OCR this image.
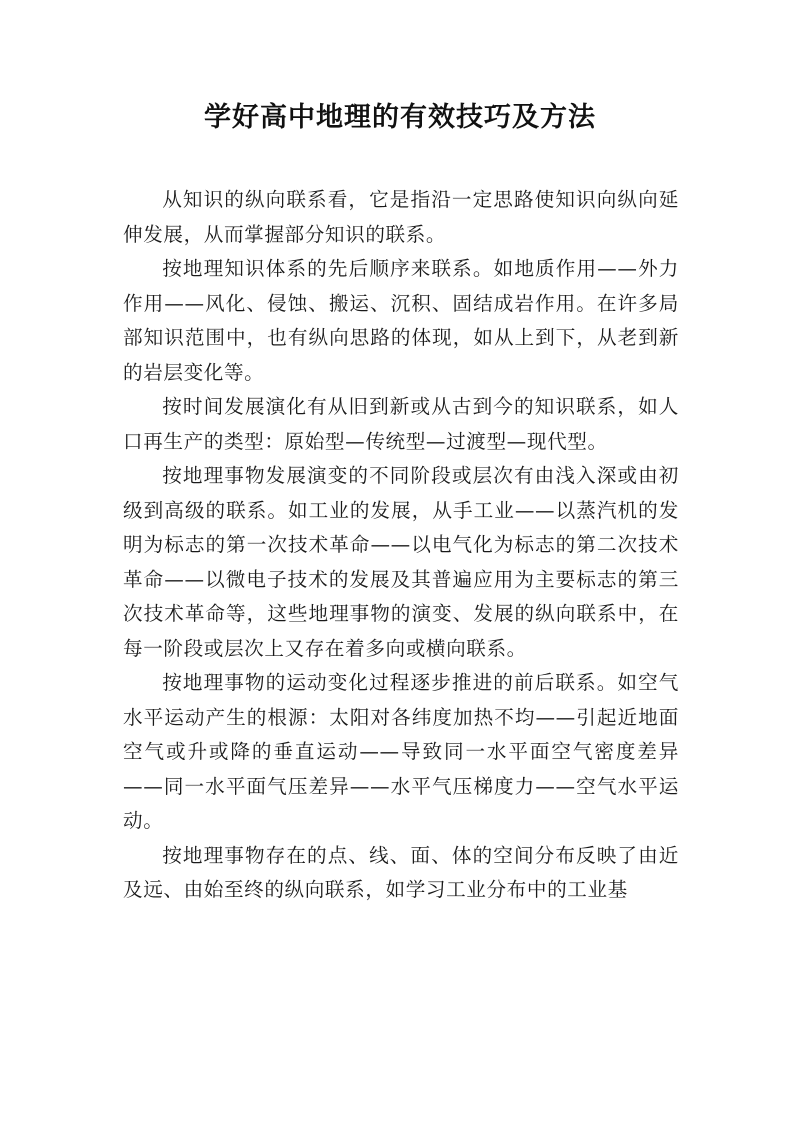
学好高中地理的有效技巧及方法

从知识的纵向联系看，它是指沿一定思路使知识向纵向延伸发展，从而掌握部分知识的联系。

按地理知识体系的先后顺序来联系。如地质作用——外力作用——风化、侵蚀、搬运、沉积、固结成岩作用。在许多局部知识范围中，也有纵向思路的体现，如从上到下，从老到新的岩层变化等。

按时间发展演化有从旧到新或从古到今的知识联系，如人口再生产的类型：原始型—传统型—过渡型—现代型。

按地理事物发展演变的不同阶段或层次有由浅入深或由初级到高级的联系。如工业的发展，从手工业——以蒸汽机的发明为标志的第一次技术革命——以电气化为标志的第二次技术革命——以微电子技术的发展及其普遍应用为主要标志的第三次技术革命等，这些地理事物的演变、发展的纵向联系中，在每一阶段或层次上又存在着多向或横向联系。

按地理事物的运动变化过程逐步推进的前后联系。如空气水平运动产生的根源：太阳对各纬度加热不均——引起近地面空气或升或降的垂直运动——导致同一水平面空气密度差异——同一水平面气压差异——水平气压梯度力——空气水平运动。

按地理事物存在的点、线、面、体的空间分布反映了由近及远、由始至终的纵向联系，如学习工业分布中的工业基
